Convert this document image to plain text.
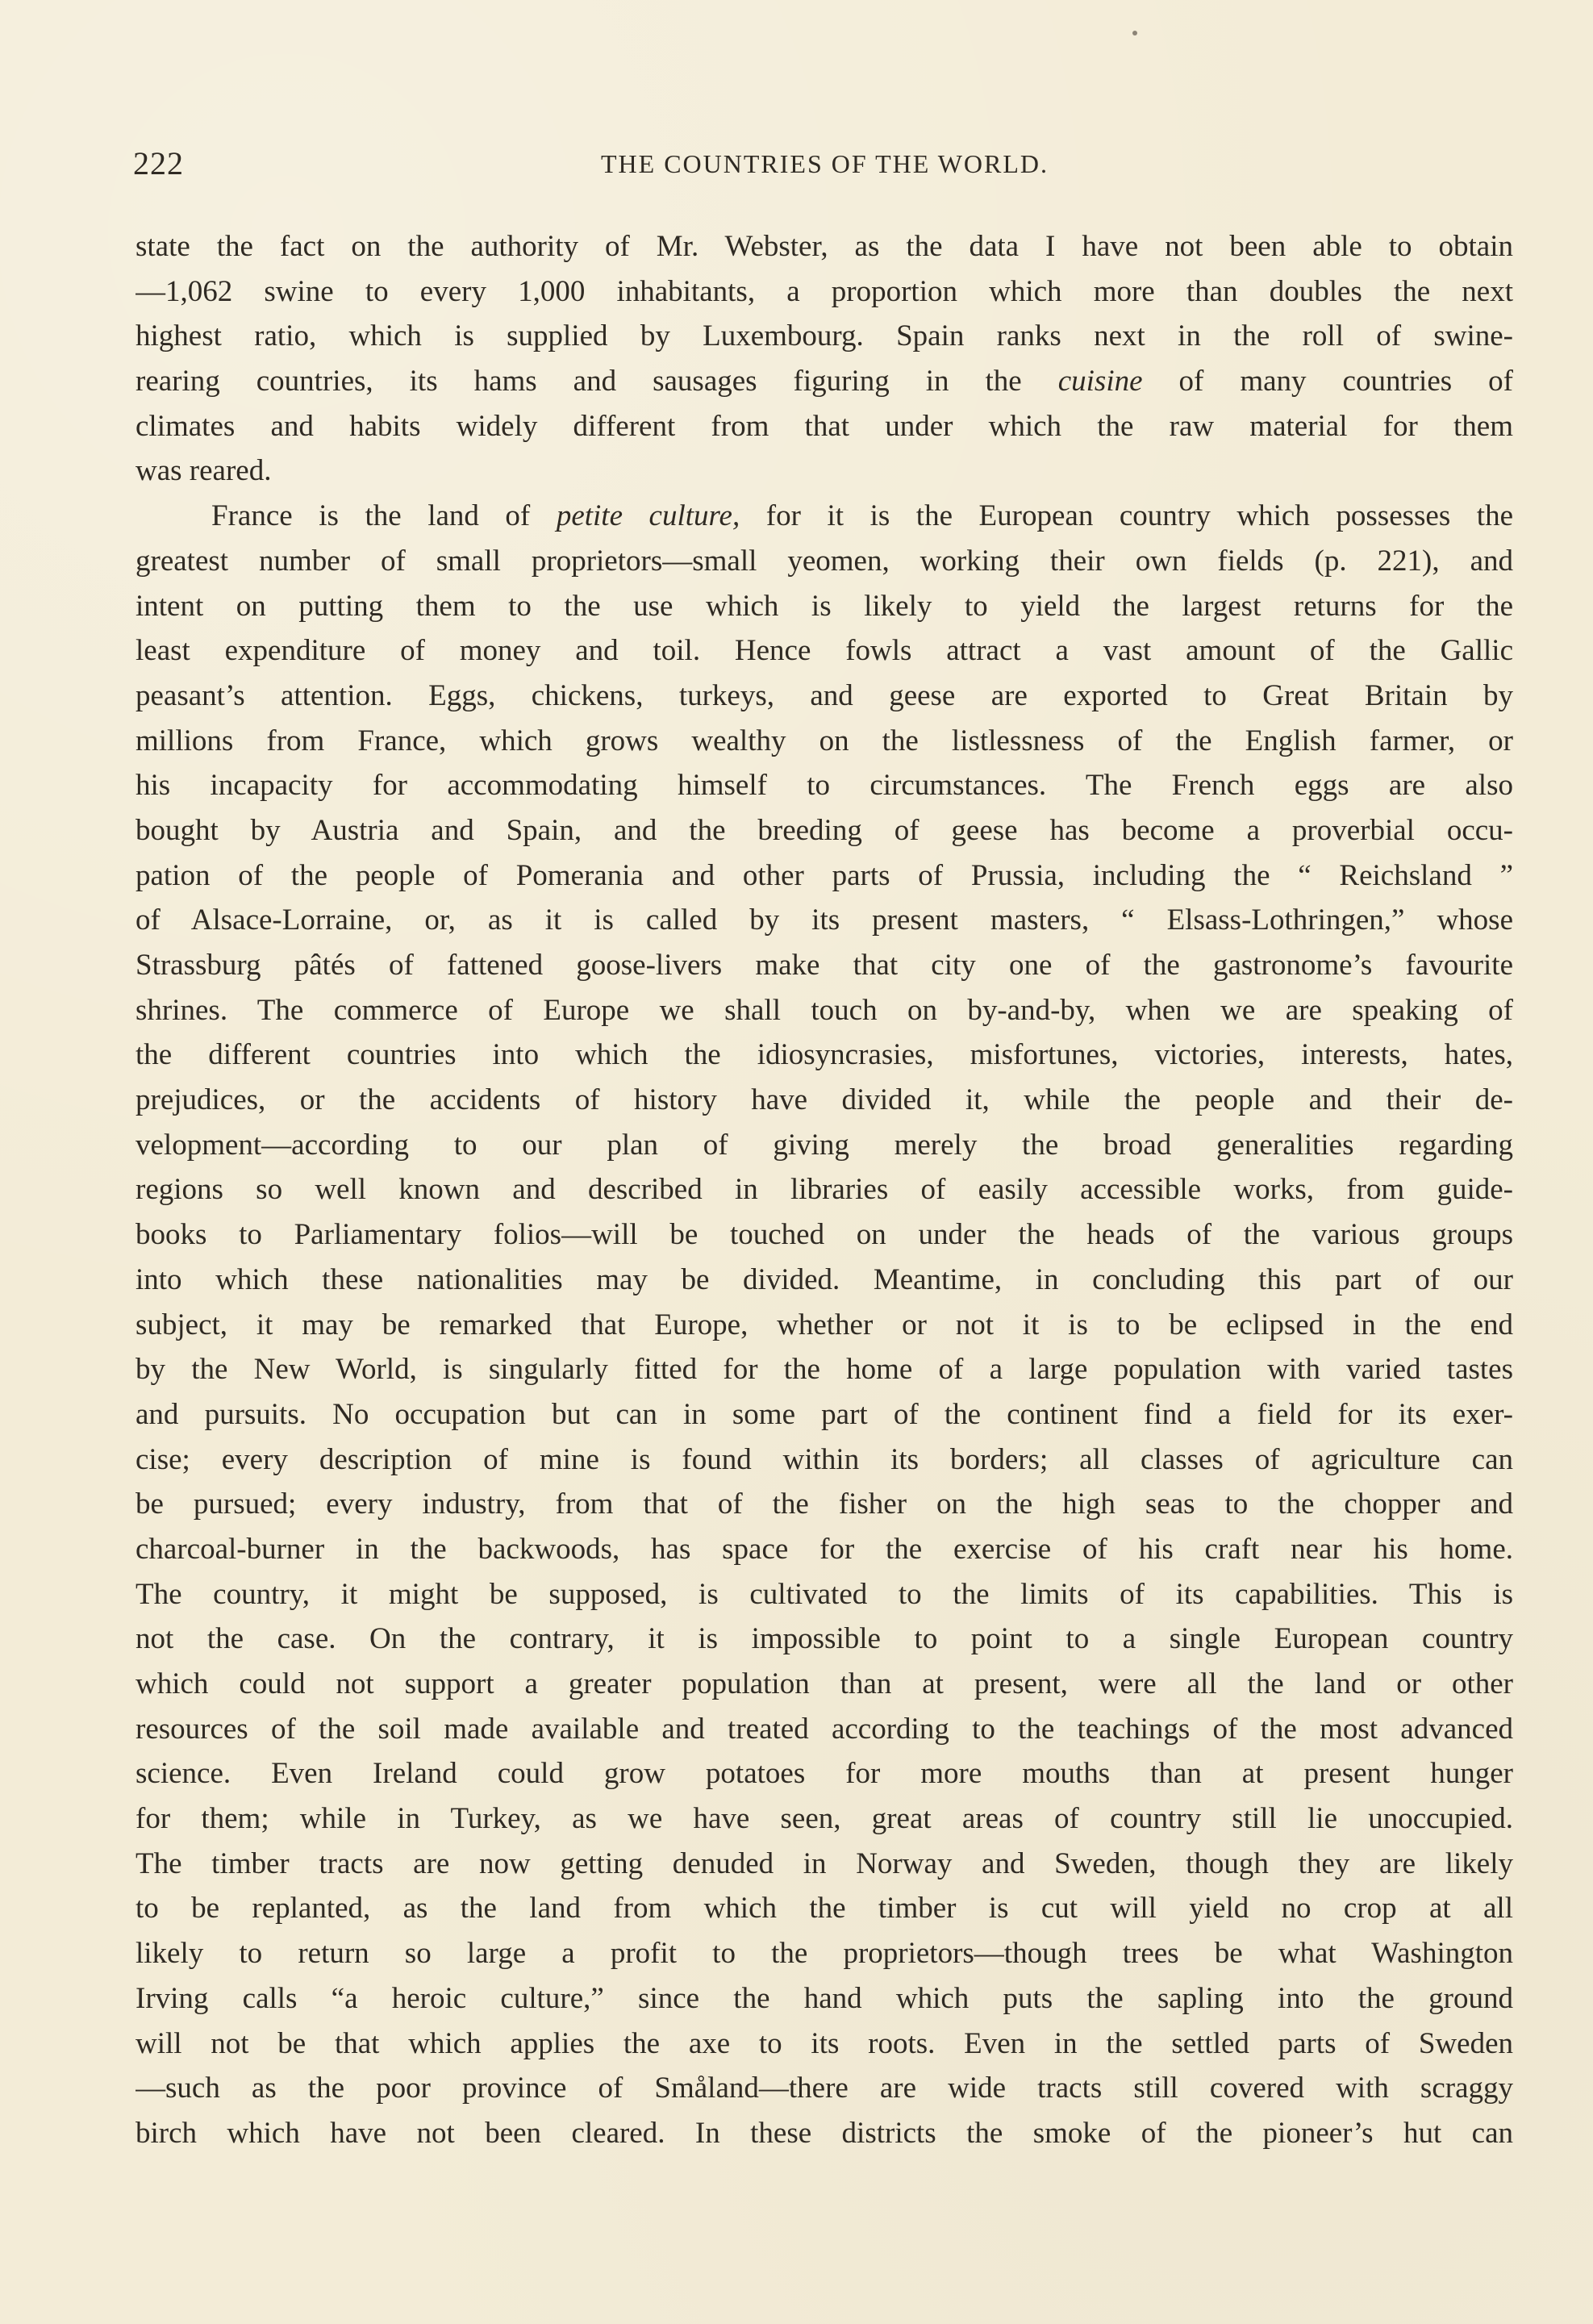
222	THE COUNTRIES OF THE WORLD.
state the fact on the authority of Mr. Webster, as the data I have not been able to obtain
—1,062 swine to every 1,000 inhabitants, a proportion which more than doubles the next
highest ratio, which is supplied by Luxembourg. Spain ranks next in the roll of swine-
rearing countries, its hams and sausages figuring in the cuisine of many countries of
climates and habits widely different from that under which the raw material for them
was reared.
France is the land of petite culture, for it is the European country which possesses the
greatest number of small proprietors—small yeomen, working their own fields (p. 221), and
intent on putting them to the use which is likely to yield the largest returns for the
least expenditure of money and toil. Hence fowls attract a vast amount of the Gallic
peasant’s attention. Eggs, chickens, turkeys, and geese are exported to Great Britain by
millions from France, which grows wealthy on the listlessness of the English farmer, or
his incapacity for accommodating himself to circumstances. The French eggs are also
bought by Austria and Spain, and the breeding of geese has become a proverbial occu-
pation of the people of Pomerania and other parts of Prussia, including the “ Reichsland ”
of Alsace-Lorraine, or, as it is called by its present masters, “ Elsass-Lothringen,” whose
Strassburg pâtés of fattened goose-livers make that city one of the gastronome’s favourite
shrines. The commerce of Europe we shall touch on by-and-by, when we are speaking of
the different countries into which the idiosyncrasies, misfortunes, victories, interests, hates,
prejudices, or the accidents of history have divided it, while the people and their de-
velopment—according to our plan of giving merely the broad generalities regarding
regions so well known and described in libraries of easily accessible works, from guide-
books to Parliamentary folios—will be touched on under the heads of the various groups
into which these nationalities may be divided. Meantime, in concluding this part of our
subject, it may be remarked that Europe, whether or not it is to be eclipsed in the end
by the New World, is singularly fitted for the home of a large population with varied tastes
and pursuits. No occupation but can in some part of the continent find a field for its exer-
cise; every description of mine is found within its borders; all classes of agriculture can
be pursued; every industry, from that of the fisher on the high seas to the chopper and
charcoal-burner in the backwoods, has space for the exercise of his craft near his home.
The country, it might be supposed, is cultivated to the limits of its capabilities. This is
not the case. On the contrary, it is impossible to point to a single European country
which could not support a greater population than at present, were all the land or other
resources of the soil made available and treated according to the teachings of the most advanced
science. Even Ireland could grow potatoes for more mouths than at present hunger
for them; while in Turkey, as we have seen, great areas of country still lie unoccupied.
The timber tracts are now getting denuded in Norway and Sweden, though they are likely
to be replanted, as the land from which the timber is cut will yield no crop at all
likely to return so large a profit to the proprietors—though trees be what Washington
Irving calls “a heroic culture,” since the hand which puts the sapling into the ground
will not be that which applies the axe to its roots. Even in the settled parts of Sweden
—such as the poor province of Småland—there are wide tracts still covered with scraggy
birch which have not been cleared. In these districts the smoke of the pioneer’s hut can
